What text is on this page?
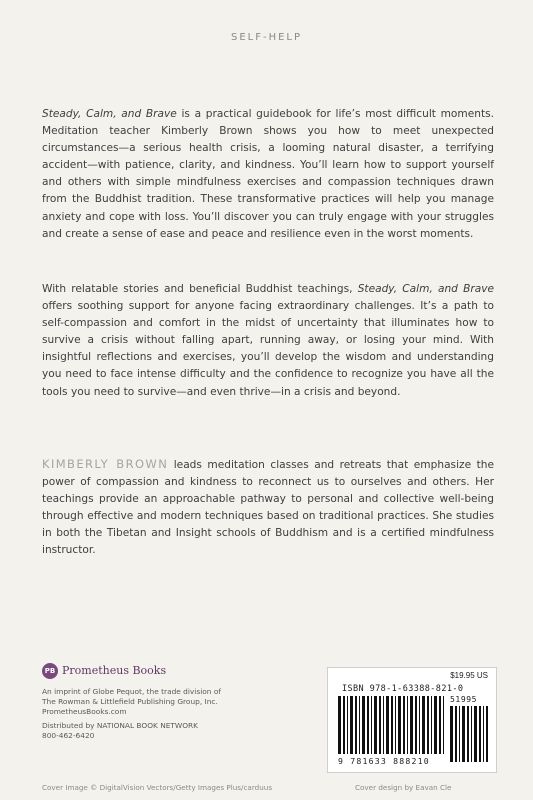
SELF-HELP

Steady, Calm, and Brave is a practical guidebook for life’s most difficult moments. Meditation teacher Kimberly Brown shows you how to meet unexpected circumstances—a serious health crisis, a looming natural disaster, a terrifying accident—with patience, clarity, and kindness. You’ll learn how to support yourself and others with simple mindfulness exercises and compassion techniques drawn from the Buddhist tradition. These transformative practices will help you manage anxiety and cope with loss. You’ll discover you can truly engage with your struggles and create a sense of ease and peace and resilience even in the worst moments.

With relatable stories and beneficial Buddhist teachings, Steady, Calm, and Brave offers soothing support for anyone facing extraordinary challenges. It’s a path to self-compassion and comfort in the midst of uncertainty that illuminates how to survive a crisis without falling apart, running away, or losing your mind. With insightful reflections and exercises, you’ll develop the wisdom and understanding you need to face intense difficulty and the confidence to recognize you have all the tools you need to survive—and even thrive—in a crisis and beyond.

KIMBERLY BROWN leads meditation classes and retreats that emphasize the power of compassion and kindness to reconnect us to ourselves and others. Her teachings provide an approachable pathway to personal and collective well-being through effective and modern techniques based on traditional practices. She studies in both the Tibetan and Insight schools of Buddhism and is a certified mindfulness instructor.

PB Prometheus Books
An imprint of Globe Pequot, the trade division of
The Rowman & Littlefield Publishing Group, Inc.
PrometheusBooks.com
Distributed by NATIONAL BOOK NETWORK
800-462-6420
$19.95 US
ISBN 978-1-63388-821-0
9 781633 888210
51995
Cover Image © DigitalVision Vectors/Getty Images Plus/carduus	Cover design by Eavan Cle
